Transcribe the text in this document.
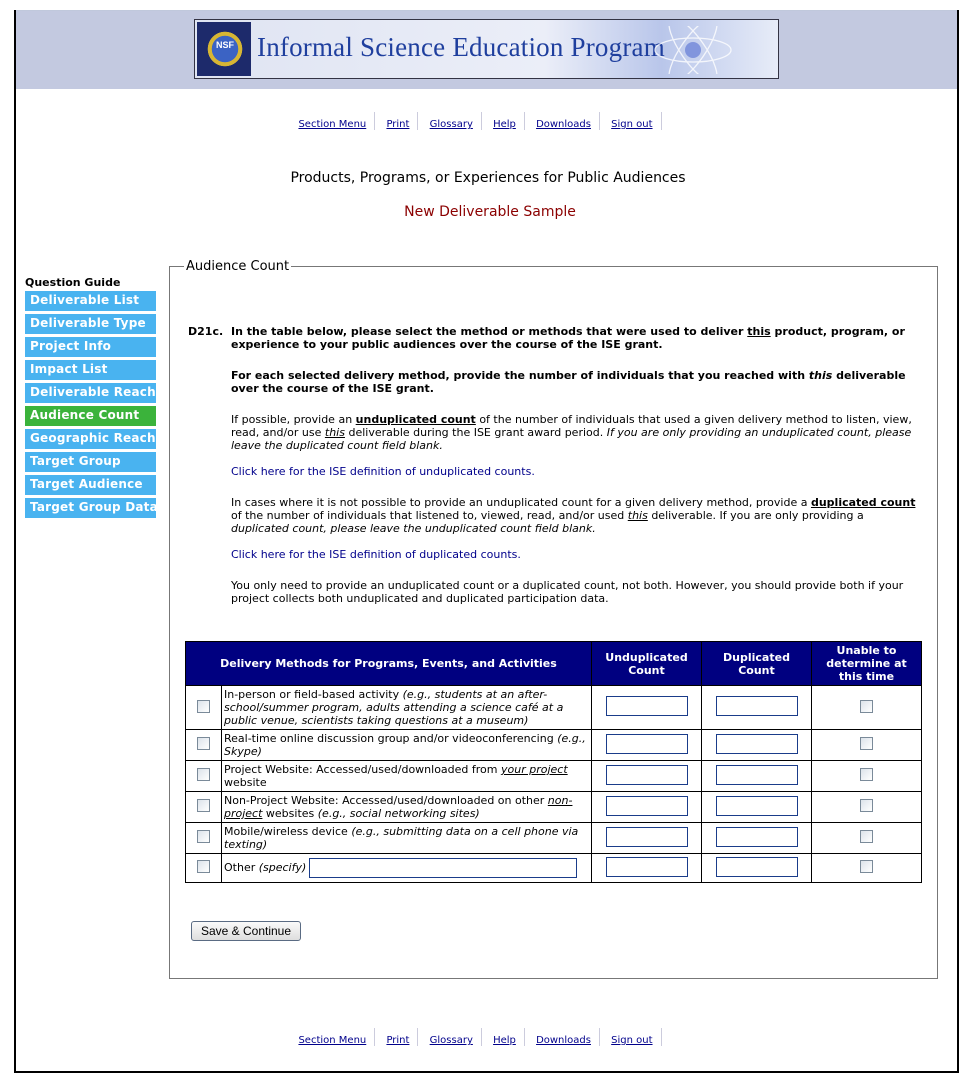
NSF Informal Science Education Program
Section Menu Print Glossary Help Downloads Sign out
Products, Programs, or Experiences for Public Audiences
New Deliverable Sample
Question Guide
Deliverable List
Deliverable Type
Project Info
Impact List
Deliverable Reach
Audience Count
Geographic Reach
Target Group
Target Audience
Target Group Data
Audience Count
D21c. In the table below, please select the method or methods that were used to deliver this product, program, or experience to your public audiences over the course of the ISE grant.
For each selected delivery method, provide the number of individuals that you reached with this deliverable over the course of the ISE grant.
If possible, provide an unduplicated count of the number of individuals that used a given delivery method to listen, view, read, and/or use this deliverable during the ISE grant award period. If you are only providing an unduplicated count, please leave the duplicated count field blank.
Click here for the ISE definition of unduplicated counts.
In cases where it is not possible to provide an unduplicated count for a given delivery method, provide a duplicated count of the number of individuals that listened to, viewed, read, and/or used this deliverable. If you are only providing a duplicated count, please leave the unduplicated count field blank.
Click here for the ISE definition of duplicated counts.
You only need to provide an unduplicated count or a duplicated count, not both. However, you should provide both if your project collects both unduplicated and duplicated participation data.
Delivery Methods for Programs, Events, and Activities		Unduplicated Count	Duplicated Count	Unable to determine at this time
	In-person or field-based activity (e.g., students at an after-school/summer program, adults attending a science café at a public venue, scientists taking questions at a museum)			
	Real-time online discussion group and/or videoconferencing (e.g., Skype)			
	Project Website: Accessed/used/downloaded from your project website			
	Non-Project Website: Accessed/used/downloaded on other non-project websites (e.g., social networking sites)			
	Mobile/wireless device (e.g., submitting data on a cell phone via texting)			
	Other (specify)			
Save & Continue
Section Menu Print Glossary Help Downloads Sign out
